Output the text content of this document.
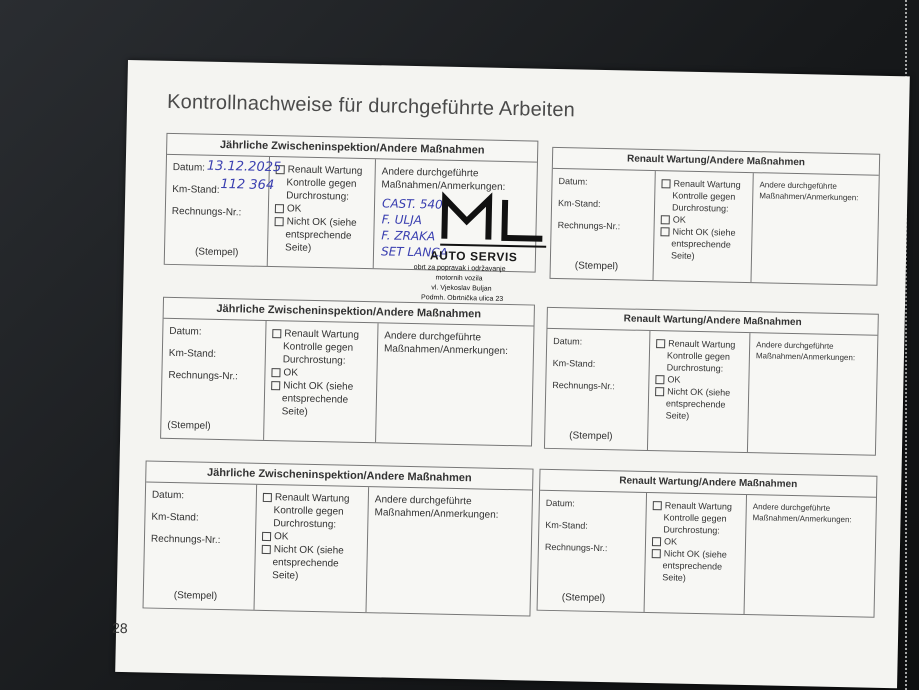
Kontrollnachweise für durchgeführte Arbeiten
Jährliche Zwischeninspektion/Andere Maßnahmen
Datum:
Km-Stand:
Rechnungs-Nr.:
(Stempel)
Renault Wartung
Kontrolle gegen
Durchrostung:
OK
Nicht OK (siehe
entsprechende
Seite)
Andere durchgeführte
Maßnahmen/Anmerkungen:
13.12.2025
112 364
CAST. 540
F. ULJA
F. ZRAKA
SET LANCA
AUTO SERVIS
obrt za popravak i održavanje
motornih vozila
vl. Vjekoslav Buljan
Podmh. Obrtnička ulica 23
Jährliche Zwischeninspektion/Andere Maßnahmen
Datum:
Km-Stand:
Rechnungs-Nr.:
(Stempel)
Renault Wartung
Kontrolle gegen
Durchrostung:
OK
Nicht OK (siehe
entsprechende
Seite)
Andere durchgeführte
Maßnahmen/Anmerkungen:
Jährliche Zwischeninspektion/Andere Maßnahmen
Datum:
Km-Stand:
Rechnungs-Nr.:
(Stempel)
Renault Wartung
Kontrolle gegen
Durchrostung:
OK
Nicht OK (siehe
entsprechende
Seite)
Andere durchgeführte
Maßnahmen/Anmerkungen:
Renault Wartung/Andere Maßnahmen
Datum:
Km-Stand:
Rechnungs-Nr.:
(Stempel)
Renault Wartung
Kontrolle gegen
Durchrostung:
OK
Nicht OK (siehe
entsprechende
Seite)
Andere durchgeführte
Maßnahmen/Anmerkungen:
Renault Wartung/Andere Maßnahmen
Datum:
Km-Stand:
Rechnungs-Nr.:
(Stempel)
Renault Wartung
Kontrolle gegen
Durchrostung:
OK
Nicht OK (siehe
entsprechende
Seite)
Andere durchgeführte
Maßnahmen/Anmerkungen:
Renault Wartung/Andere Maßnahmen
Datum:
Km-Stand:
Rechnungs-Nr.:
(Stempel)
Renault Wartung
Kontrolle gegen
Durchrostung:
OK
Nicht OK (siehe
entsprechende
Seite)
Andere durchgeführte
Maßnahmen/Anmerkungen:
28
